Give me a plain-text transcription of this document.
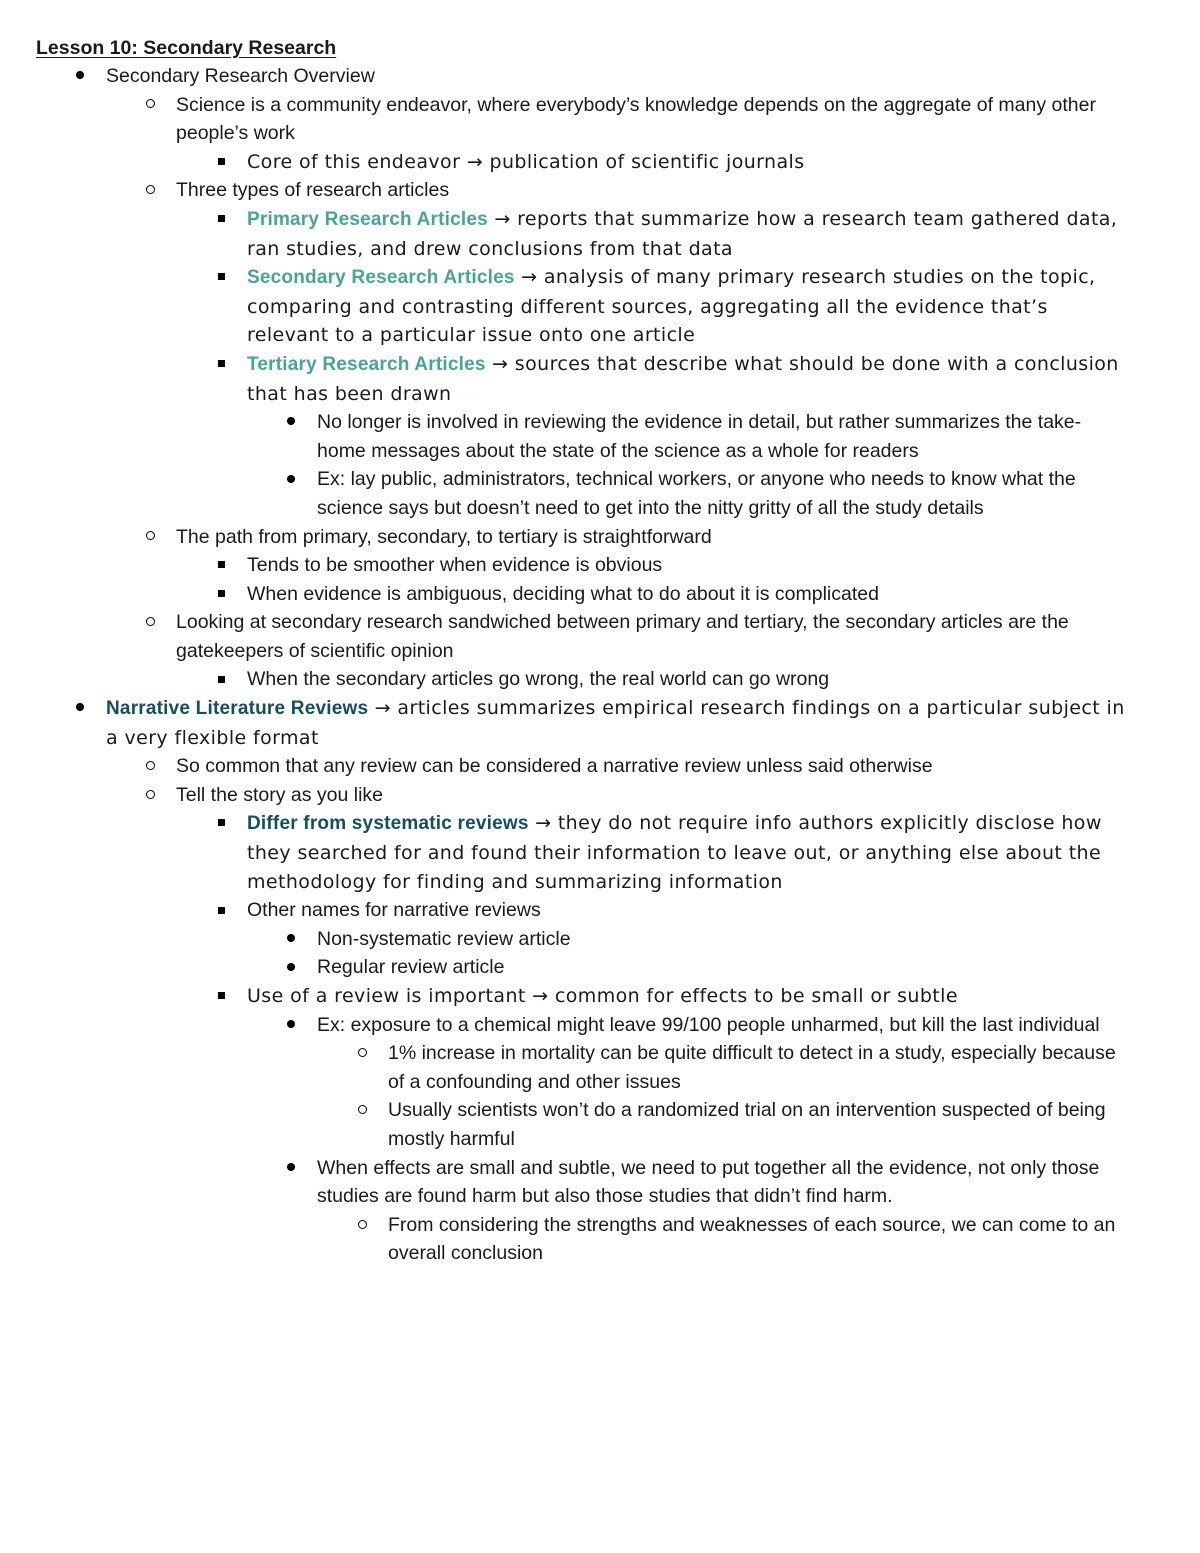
Lesson 10: Secondary Research
Secondary Research Overview
Science is a community endeavor, where everybody’s knowledge depends on the aggregate of many other people’s work
Core of this endeavor → publication of scientific journals
Three types of research articles
Primary Research Articles → reports that summarize how a research team gathered data, ran studies, and drew conclusions from that data
Secondary Research Articles → analysis of many primary research studies on the topic, comparing and contrasting different sources, aggregating all the evidence that’s relevant to a particular issue onto one article
Tertiary Research Articles → sources that describe what should be done with a conclusion that has been drawn
No longer is involved in reviewing the evidence in detail, but rather summarizes the take-home messages about the state of the science as a whole for readers
Ex: lay public, administrators, technical workers, or anyone who needs to know what the science says but doesn’t need to get into the nitty gritty of all the study details
The path from primary, secondary, to tertiary is straightforward
Tends to be smoother when evidence is obvious
When evidence is ambiguous, deciding what to do about it is complicated
Looking at secondary research sandwiched between primary and tertiary, the secondary articles are the gatekeepers of scientific opinion
When the secondary articles go wrong, the real world can go wrong
Narrative Literature Reviews → articles summarizes empirical research findings on a particular subject in a very flexible format
So common that any review can be considered a narrative review unless said otherwise
Tell the story as you like
Differ from systematic reviews → they do not require info authors explicitly disclose how they searched for and found their information to leave out, or anything else about the methodology for finding and summarizing information
Other names for narrative reviews
Non-systematic review article
Regular review article
Use of a review is important → common for effects to be small or subtle
Ex: exposure to a chemical might leave 99/100 people unharmed, but kill the last individual
1% increase in mortality can be quite difficult to detect in a study, especially because of a confounding and other issues
Usually scientists won’t do a randomized trial on an intervention suspected of being mostly harmful
When effects are small and subtle, we need to put together all the evidence, not only those studies are found harm but also those studies that didn’t find harm.
From considering the strengths and weaknesses of each source, we can come to an overall conclusion
